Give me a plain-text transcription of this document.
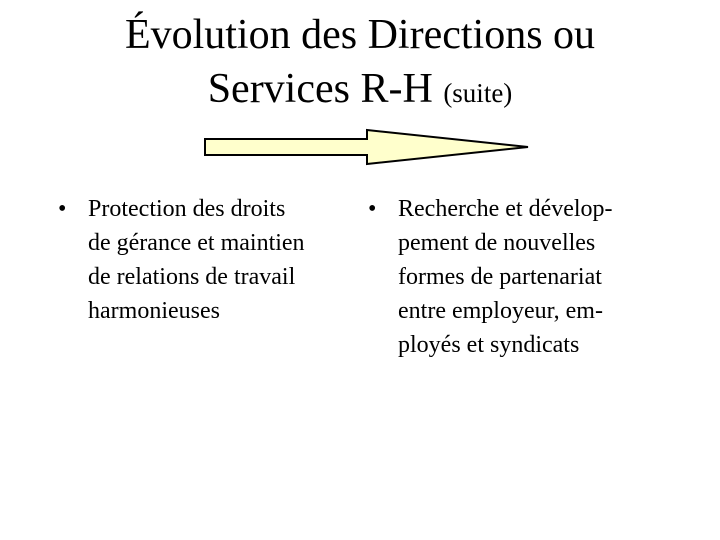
Évolution des Directions ou
Services R-H (suite)
• Protection des droits
de gérance et maintien
de relations de travail
harmonieuses
• Recherche et dévelop-
pement de nouvelles
formes de partenariat
entre employeur, em-
ployés et syndicats
